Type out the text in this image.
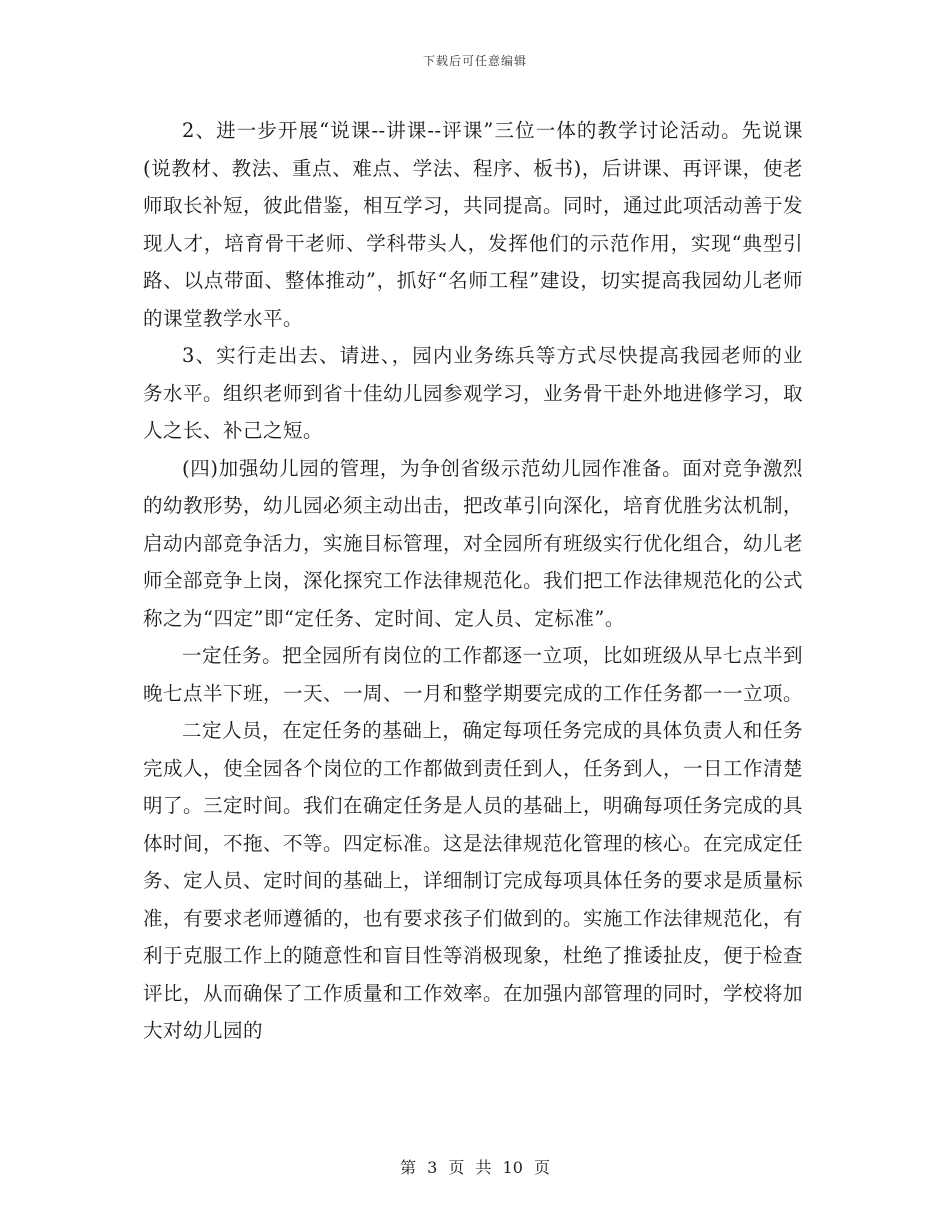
下载后可任意编辑

2、进一步开展“说课--讲课--评课”三位一体的教学讨论活动。先说课(说教材、教法、重点、难点、学法、程序、板书)，后讲课、再评课，使老师取长补短，彼此借鉴，相互学习，共同提高。同时，通过此项活动善于发现人才，培育骨干老师、学科带头人，发挥他们的示范作用，实现“典型引路、以点带面、整体推动”，抓好“名师工程”建设，切实提高我园幼儿老师的课堂教学水平。

3、实行走出去、请进、，园内业务练兵等方式尽快提高我园老师的业务水平。组织老师到省十佳幼儿园参观学习，业务骨干赴外地进修学习，取人之长、补己之短。

(四)加强幼儿园的管理，为争创省级示范幼儿园作准备。面对竞争激烈的幼教形势，幼儿园必须主动出击，把改革引向深化，培育优胜劣汰机制，启动内部竞争活力，实施目标管理，对全园所有班级实行优化组合，幼儿老师全部竞争上岗，深化探究工作法律规范化。我们把工作法律规范化的公式称之为“四定”即“定任务、定时间、定人员、定标准”。

一定任务。把全园所有岗位的工作都逐一立项，比如班级从早七点半到晚七点半下班，一天、一周、一月和整学期要完成的工作任务都一一立项。

二定人员，在定任务的基础上，确定每项任务完成的具体负责人和任务完成人，使全园各个岗位的工作都做到责任到人，任务到人，一日工作清楚明了。三定时间。我们在确定任务是人员的基础上，明确每项任务完成的具体时间，不拖、不等。四定标准。这是法律规范化管理的核心。在完成定任务、定人员、定时间的基础上，详细制订完成每项具体任务的要求是质量标准，有要求老师遵循的，也有要求孩子们做到的。实施工作法律规范化，有利于克服工作上的随意性和盲目性等消极现象，杜绝了推诿扯皮，便于检查评比，从而确保了工作质量和工作效率。在加强内部管理的同时，学校将加大对幼儿园的

第 3 页 共 10 页
